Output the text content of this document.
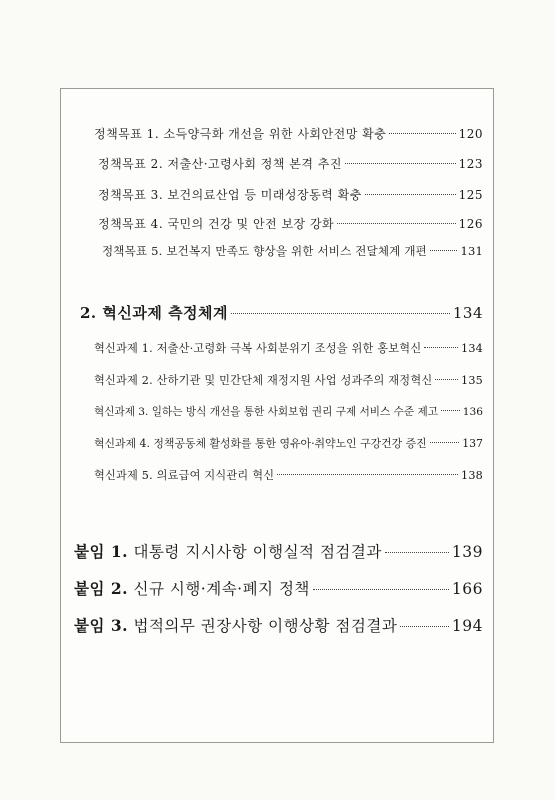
정책목표 1. 소득양극화 개선을 위한 사회안전망 확충	120
정책목표 2. 저출산·고령사회 정책 본격 추진	123
정책목표 3. 보건의료산업 등 미래성장동력 확충	125
정책목표 4. 국민의 건강 및 안전 보장 강화	126
정책목표 5. 보건복지 만족도 향상을 위한 서비스 전달체계 개편	131
2. 혁신과제 측정체계	134
혁신과제 1. 저출산·고령화 극복 사회분위기 조성을 위한 홍보혁신	134
혁신과제 2. 산하기관 및 민간단체 재정지원 사업 성과주의 재정혁신	135
혁신과제 3. 일하는 방식 개선을 통한 사회보험 권리 구제 서비스 수준 제고 136
혁신과제 4. 정책공동체 활성화를 통한 영유아·취약노인 구강건강 증진	137
혁신과제 5. 의료급여 지식관리 혁신	138
붙임 1. 대통령 지시사항 이행실적 점검결과	139
붙임 2. 신규 시행·계속·폐지 정책	166
붙임 3. 법적의무 권장사항 이행상황 점검결과	194
